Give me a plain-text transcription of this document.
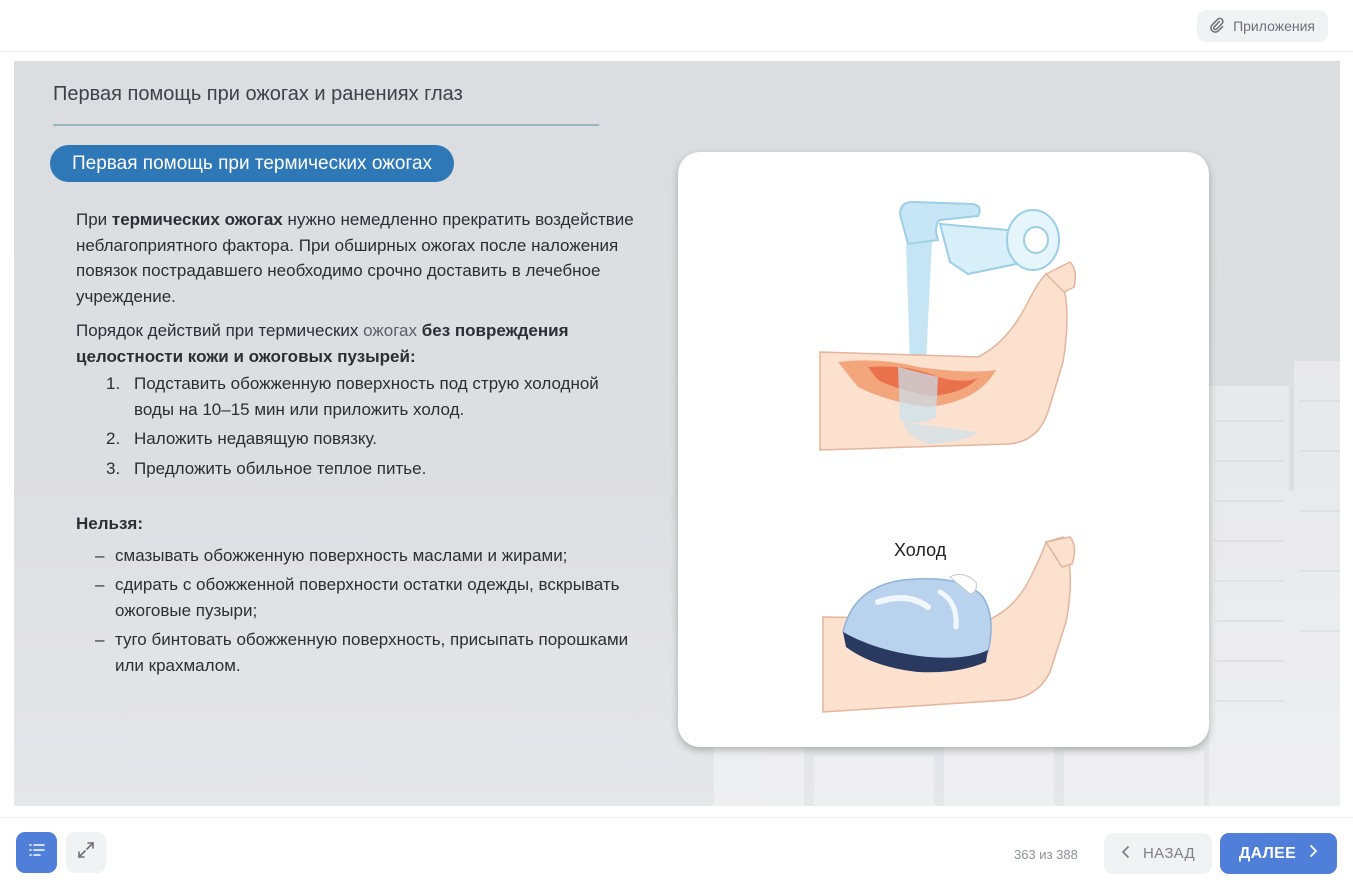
Приложения
Первая помощь при ожогах и ранениях глаз
Первая помощь при термических ожогах

При термических ожогах нужно немедленно прекратить воздействие неблагоприятного фактора. При обширных ожогах после наложения повязок пострадавшего необходимо срочно доставить в лечебное учреждение.

Порядок действий при термических ожогах без повреждения целостности кожи и ожоговых пузырей:

1. Подставить обожженную поверхность под струю холодной воды на 10–15 мин или приложить холод.
2. Наложить недавящую повязку.
3. Предложить обильное теплое питье.
Нельзя:
– смазывать обожженную поверхность маслами и жирами;
– сдирать с обожженной поверхности остатки одежды, вскрывать ожоговые пузыри;
– туго бинтовать обожженную поверхность, присыпать порошками или крахмалом.
Холод
363 из 388	НАЗАД	ДАЛЕЕ
